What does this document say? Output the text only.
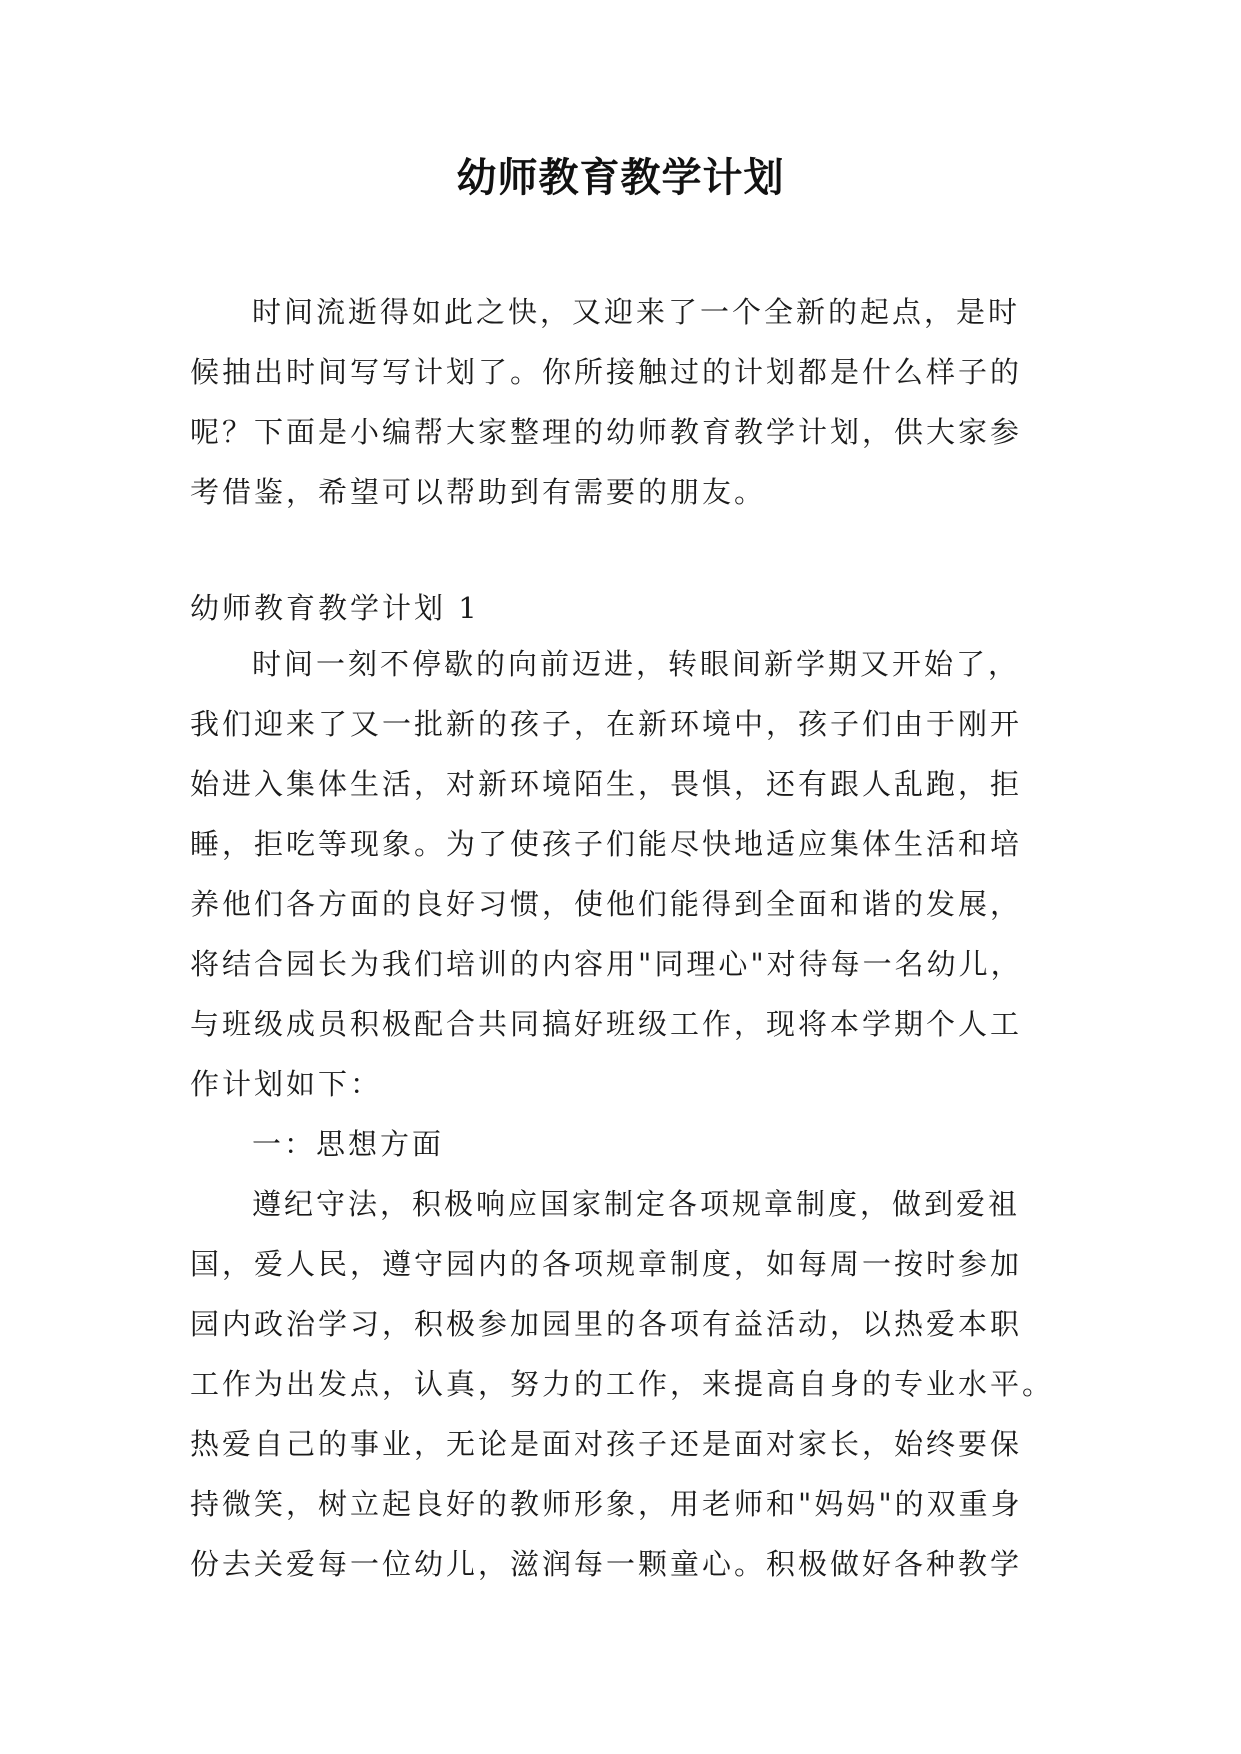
幼师教育教学计划

时间流逝得如此之快，又迎来了一个全新的起点，是时
候抽出时间写写计划了。你所接触过的计划都是什么样子的
呢？下面是小编帮大家整理的幼师教育教学计划，供大家参
考借鉴，希望可以帮助到有需要的朋友。

幼师教育教学计划 1

时间一刻不停歇的向前迈进，转眼间新学期又开始了，
我们迎来了又一批新的孩子，在新环境中，孩子们由于刚开
始进入集体生活，对新环境陌生，畏惧，还有跟人乱跑，拒
睡，拒吃等现象。为了使孩子们能尽快地适应集体生活和培
养他们各方面的良好习惯，使他们能得到全面和谐的发展，
将结合园长为我们培训的内容用"同理心"对待每一名幼儿，
与班级成员积极配合共同搞好班级工作，现将本学期个人工
作计划如下：

一：思想方面

遵纪守法，积极响应国家制定各项规章制度，做到爱祖
国，爱人民，遵守园内的各项规章制度，如每周一按时参加
园内政治学习，积极参加园里的各项有益活动，以热爱本职
工作为出发点，认真，努力的工作，来提高自身的专业水平。
热爱自己的事业，无论是面对孩子还是面对家长，始终要保
持微笑，树立起良好的教师形象，用老师和"妈妈"的双重身
份去关爱每一位幼儿，滋润每一颗童心。积极做好各种教学
